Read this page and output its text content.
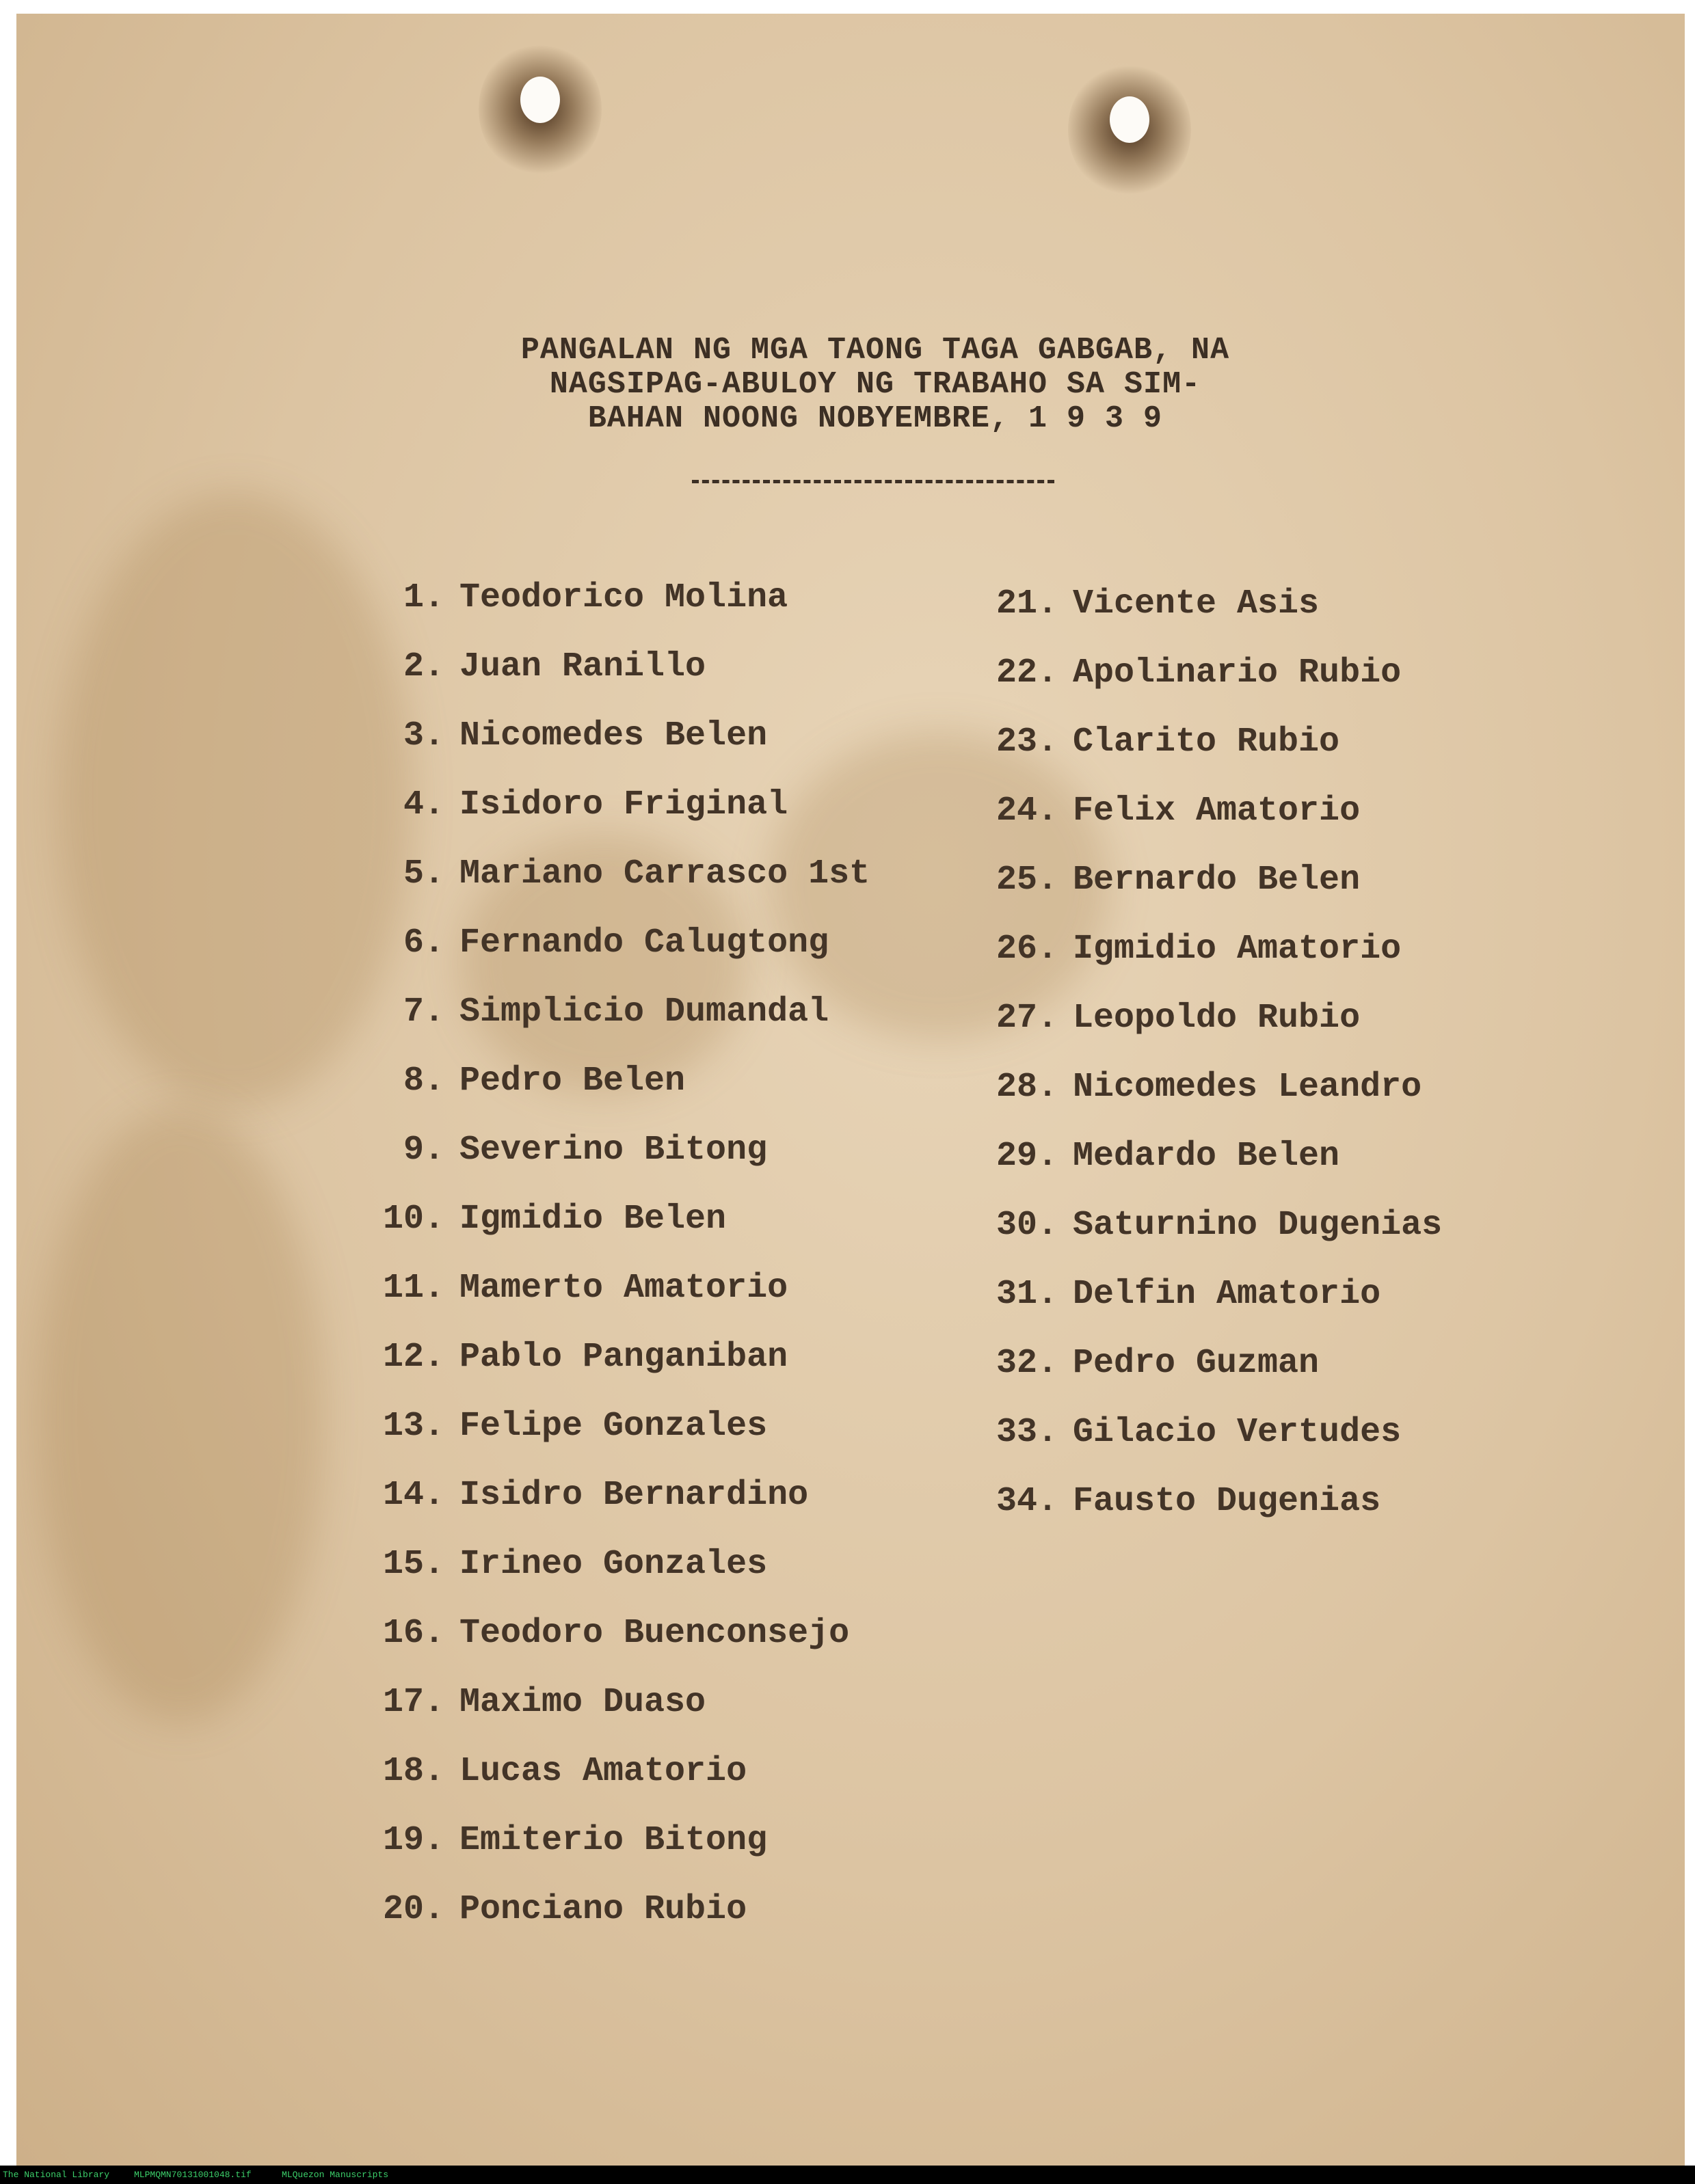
PANGALAN NG MGA TAONG TAGA GABGAB, NA
NAGSIPAG-ABULOY NG TRABAHO SA SIM-
BAHAN NOONG NOBYEMBRE, 1 9 3 9
1. Teodorico Molina
2. Juan Ranillo
3. Nicomedes Belen
4. Isidoro Friginal
5. Mariano Carrasco 1st
6. Fernando Calugtong
7. Simplicio Dumandal
8. Pedro Belen
9. Severino Bitong
10. Igmidio Belen
11. Mamerto Amatorio
12. Pablo Panganiban
13. Felipe Gonzales
14. Isidro Bernardino
15. Irineo Gonzales
16. Teodoro Buenconsejo
17. Maximo Duaso
18. Lucas Amatorio
19. Emiterio Bitong
20. Ponciano Rubio
21. Vicente Asis
22. Apolinario Rubio
23. Clarito Rubio
24. Felix Amatorio
25. Bernardo Belen
26. Igmidio Amatorio
27. Leopoldo Rubio
28. Nicomedes Leandro
29. Medardo Belen
30. Saturnino Dugenias
31. Delfin Amatorio
32. Pedro Guzman
33. Gilacio Vertudes
34. Fausto Dugenias
The National Library	MLPMQMN70131001048.tif	MLQuezon Manuscripts
